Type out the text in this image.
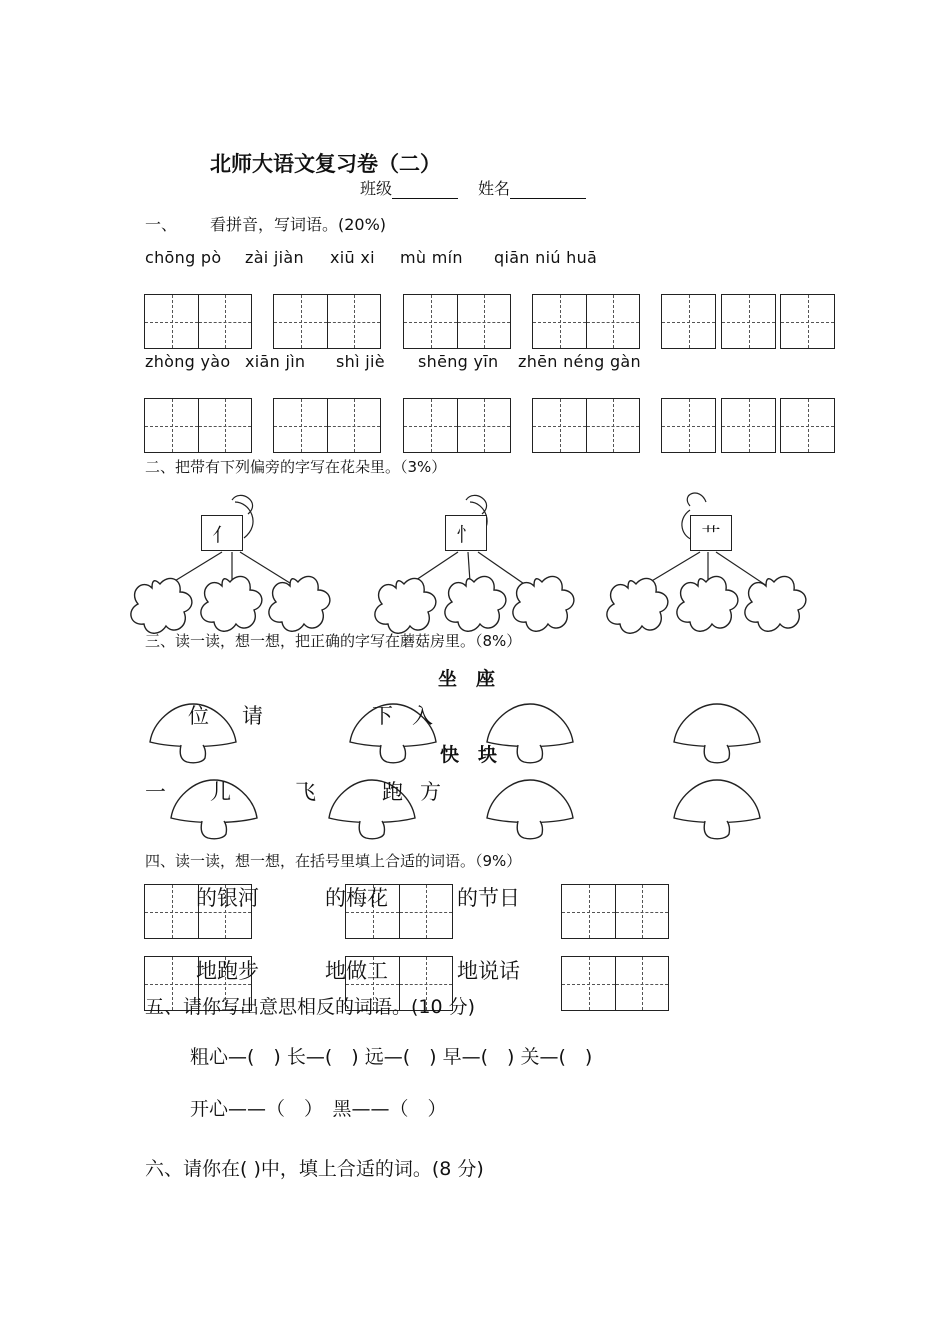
北师大语文复习卷（二）
班级	姓名
一、 看拼音，写词语。(20%)
chōng pò zài jiàn xiū xi mù mín qiān niú huā
zhòng yào xiān jìn shì jiè shēng yīn zhēn néng gàn
二、把带有下列偏旁的字写在花朵里。（3%）
亻	忄	艹
三、读一读，想一想，把正确的字写在蘑菇房里。（8%）
坐　座
位 请	下 入
快　块
一 儿	飞	跑 方
四、读一读，想一想，在括号里填上合适的词语。（9%）
的银河	的梅花	的节日
地跑步	地做工	地说话
五、请你写出意思相反的词语。(10 分)
粗心—(　) 长—(　) 远—(　) 早—(　) 关—(　)
开心——（　）　黑——（　）
六、请你在( )中，填上合适的词。(8 分)
